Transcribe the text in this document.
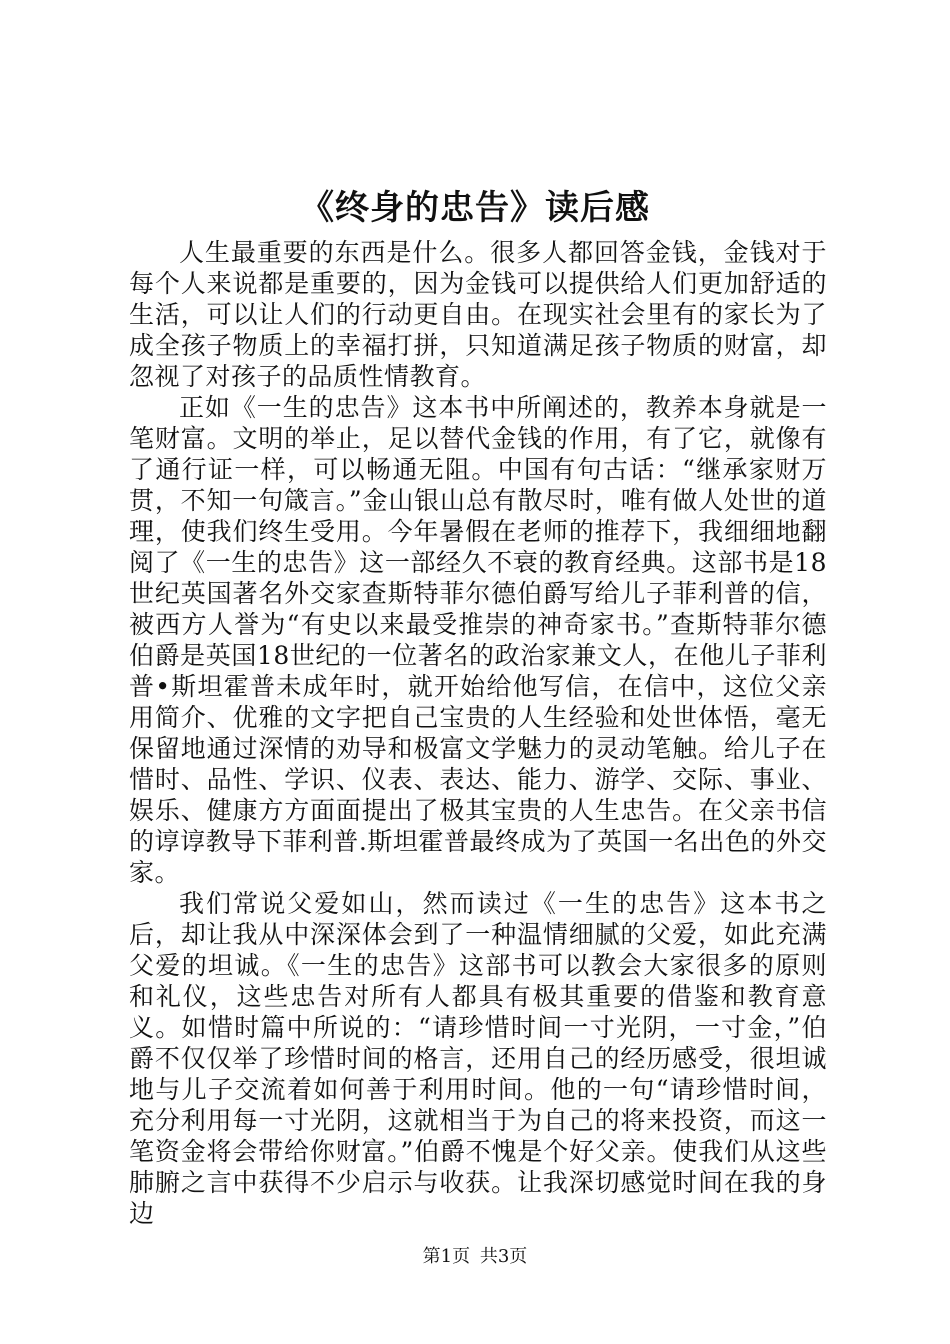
《终身的忠告》读后感

人生最重要的东西是什么。很多人都回答金钱，金钱对于每个人来说都是重要的，因为金钱可以提供给人们更加舒适的生活，可以让人们的行动更自由。在现实社会里有的家长为了成全孩子物质上的幸福打拼，只知道满足孩子物质的财富，却忽视了对孩子的品质性情教育。

正如《一生的忠告》这本书中所阐述的，教养本身就是一笔财富。文明的举止，足以替代金钱的作用，有了它，就像有了通行证一样，可以畅通无阻。中国有句古话：“继承家财万贯，不知一句箴言。”金山银山总有散尽时，唯有做人处世的道理，使我们终生受用。今年暑假在老师的推荐下，我细细地翻阅了《一生的忠告》这一部经久不衰的教育经典。这部书是18世纪英国著名外交家查斯特菲尔德伯爵写给儿子菲利普的信，被西方人誉为“有史以来最受推崇的神奇家书。”查斯特菲尔德伯爵是英国18世纪的一位著名的政治家兼文人，在他儿子菲利普•斯坦霍普未成年时，就开始给他写信，在信中，这位父亲用简介、优雅的文字把自己宝贵的人生经验和处世体悟，毫无保留地通过深情的劝导和极富文学魅力的灵动笔触。给儿子在惜时、品性、学识、仪表、表达、能力、游学、交际、事业、娱乐、健康方方面面提出了极其宝贵的人生忠告。在父亲书信的谆谆教导下菲利普.斯坦霍普最终成为了英国一名出色的外交家。

我们常说父爱如山，然而读过《一生的忠告》这本书之后，却让我从中深深体会到了一种温情细腻的父爱，如此充满父爱的坦诚。《一生的忠告》这部书可以教会大家很多的原则和礼仪，这些忠告对所有人都具有极其重要的借鉴和教育意义。如惜时篇中所说的：“请珍惜时间一寸光阴，一寸金，”伯爵不仅仅举了珍惜时间的格言，还用自己的经历感受，很坦诚地与儿子交流着如何善于利用时间。他的一句“请珍惜时间，充分利用每一寸光阴，这就相当于为自己的将来投资，而这一笔资金将会带给你财富。”伯爵不愧是个好父亲。使我们从这些肺腑之言中获得不少启示与收获。让我深切感觉时间在我的身边

第1页 共3页
